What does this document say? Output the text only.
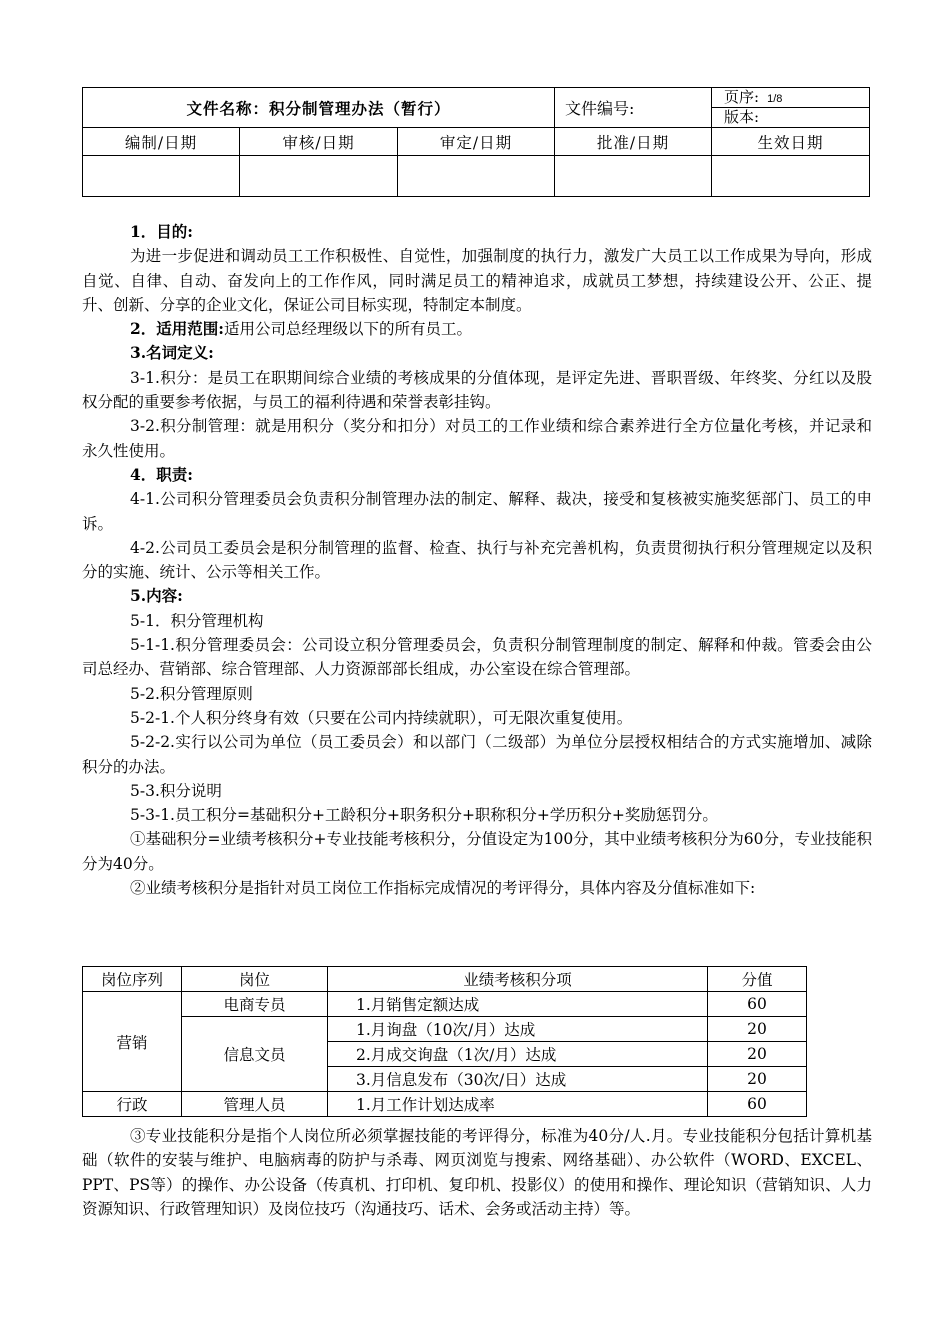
文件名称：积分制管理办法（暂行）			文件编号:	页序: 1/8
版本:

编制/日期	审核/日期	审定/日期	批准/日期	生效日期

1．目的:

为进一步促进和调动员工工作积极性、自觉性，加强制度的执行力，激发广大员工以工作成果为导向，形成自觉、自律、自动、奋发向上的工作作风，同时满足员工的精神追求，成就员工梦想，持续建设公开、公正、提升、创新、分享的企业文化，保证公司目标实现，特制定本制度。

2．适用范围:适用公司总经理级以下的所有员工。

3.名词定义:

3-1.积分：是员工在职期间综合业绩的考核成果的分值体现，是评定先进、晋职晋级、年终奖、分红以及股权分配的重要参考依据，与员工的福利待遇和荣誉表彰挂钩。

3-2.积分制管理：就是用积分（奖分和扣分）对员工的工作业绩和综合素养进行全方位量化考核，并记录和永久性使用。

4．职责:

4-1.公司积分管理委员会负责积分制管理办法的制定、解释、裁决，接受和复核被实施奖惩部门、员工的申诉。

4-2.公司员工委员会是积分制管理的监督、检查、执行与补充完善机构，负责贯彻执行积分管理规定以及积分的实施、统计、公示等相关工作。

5.内容:

5-1．积分管理机构

5-1-1.积分管理委员会：公司设立积分管理委员会，负责积分制管理制度的制定、解释和仲裁。管委会由公司总经办、营销部、综合管理部、人力资源部部长组成，办公室设在综合管理部。

5-2.积分管理原则

5-2-1.个人积分终身有效（只要在公司内持续就职），可无限次重复使用。

5-2-2.实行以公司为单位（员工委员会）和以部门（二级部）为单位分层授权相结合的方式实施增加、减除积分的办法。

5-3.积分说明

5-3-1.员工积分=基础积分+工龄积分+职务积分+职称积分+学历积分+奖励惩罚分。

①基础积分=业绩考核积分+专业技能考核积分，分值设定为100分，其中业绩考核积分为60分，专业技能积分为40分。

②业绩考核积分是指针对员工岗位工作指标完成情况的考评得分，具体内容及分值标准如下:

岗位序列	岗位	业绩考核积分项	分值
营销	电商专员	1.月销售定额达成	60
	信息文员	1.月询盘（10次/月）达成	20
		2.月成交询盘（1次/月）达成	20
		3.月信息发布（30次/日）达成	20
行政	管理人员	1.月工作计划达成率	60

③专业技能积分是指个人岗位所必须掌握技能的考评得分，标准为40分/人.月。专业技能积分包括计算机基础（软件的安装与维护、电脑病毒的防护与杀毒、网页浏览与搜索、网络基础）、办公软件（WORD、EXCEL、PPT、PS等）的操作、办公设备（传真机、打印机、复印机、投影仪）的使用和操作、理论知识（营销知识、人力资源知识、行政管理知识）及岗位技巧（沟通技巧、话术、会务或活动主持）等。
